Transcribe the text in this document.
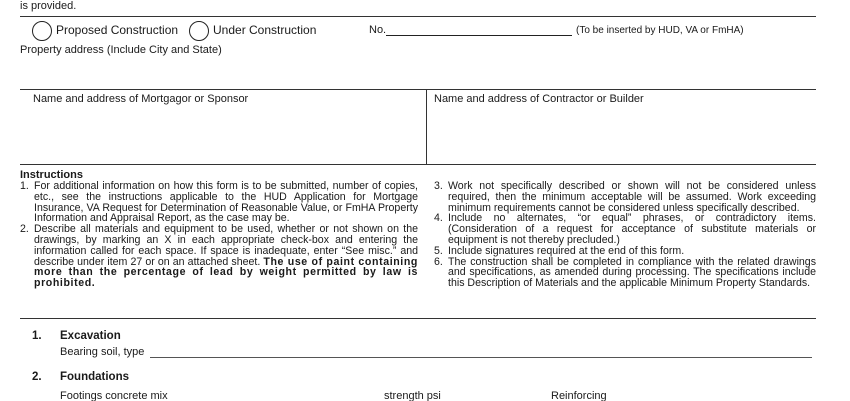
is provided.
Proposed Construction	Under Construction	No.	(To be inserted by HUD, VA or FmHA)
Property address (Include City and State)
Name and address of Mortgagor or Sponsor	Name and address of Contractor or Builder
Instructions
1. For additional information on how this form is to be submitted, number of copies, etc., see the instructions applicable to the HUD Application for Mortgage Insurance, VA Request for Determination of Reasonable Value, or FmHA Property Information and Appraisal Report, as the case may be.
2. Describe all materials and equipment to be used, whether or not shown on the drawings, by marking an X in each appropriate check-box and entering the information called for each space. If space is inadequate, enter “See misc.” and describe under item 27 or on an attached sheet. The use of paint containing more than the percentage of lead by weight permitted by law is prohibited.
3. Work not specifically described or shown will not be considered unless required, then the minimum acceptable will be assumed. Work exceeding minimum requirements cannot be considered unless specifically described.
4. Include no alternates, “or equal” phrases, or contradictory items. (Consideration of a request for acceptance of substitute materials or equipment is not thereby precluded.)
5. Include signatures required at the end of this form.
6. The construction shall be completed in compliance with the related drawings and specifications, as amended during processing. The specifications include this Description of Materials and the applicable Minimum Property Standards.
1. Excavation
Bearing soil, type
2. Foundations
Footings concrete mix	strength psi	Reinforcing
